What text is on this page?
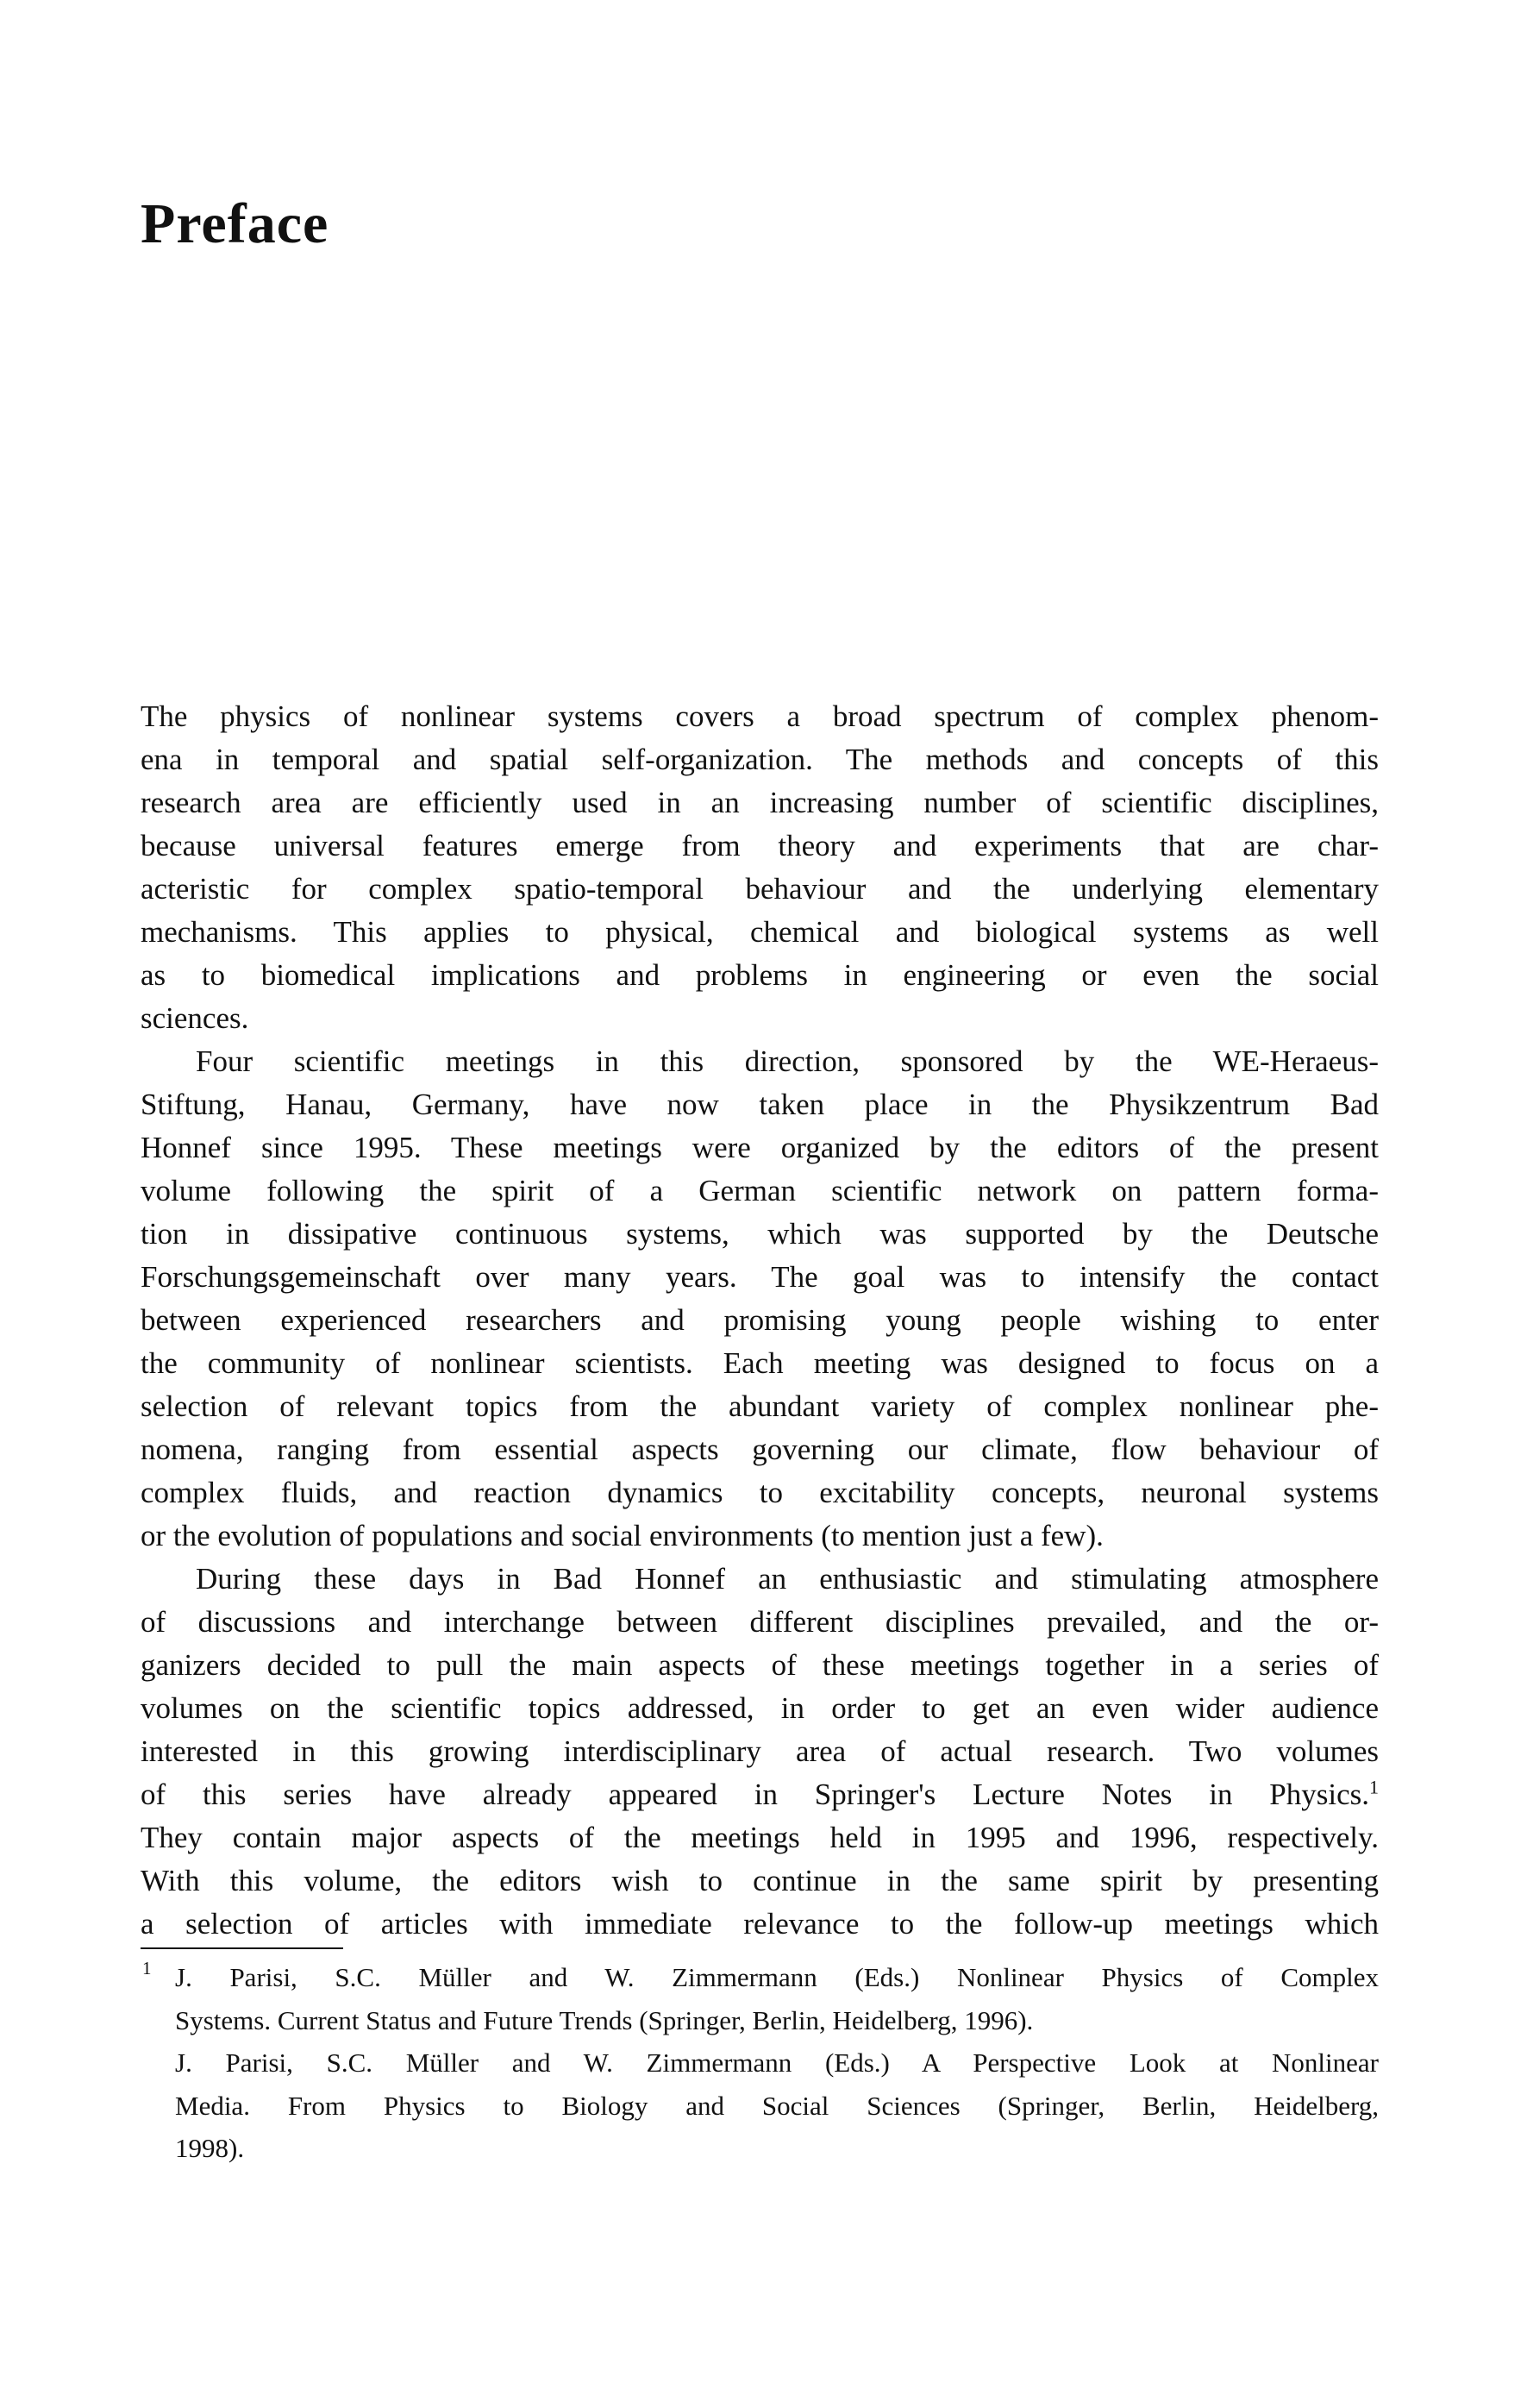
Preface
The physics of nonlinear systems covers a broad spectrum of complex phenom-
ena in temporal and spatial self-organization. The methods and concepts of this
research area are efficiently used in an increasing number of scientific disciplines,
because universal features emerge from theory and experiments that are char-
acteristic for complex spatio-temporal behaviour and the underlying elementary
mechanisms. This applies to physical, chemical and biological systems as well
as to biomedical implications and problems in engineering or even the social
sciences.
Four scientific meetings in this direction, sponsored by the WE-Heraeus-
Stiftung, Hanau, Germany, have now taken place in the Physikzentrum Bad
Honnef since 1995. These meetings were organized by the editors of the present
volume following the spirit of a German scientific network on pattern forma-
tion in dissipative continuous systems, which was supported by the Deutsche
Forschungsgemeinschaft over many years. The goal was to intensify the contact
between experienced researchers and promising young people wishing to enter
the community of nonlinear scientists. Each meeting was designed to focus on a
selection of relevant topics from the abundant variety of complex nonlinear phe-
nomena, ranging from essential aspects governing our climate, flow behaviour of
complex fluids, and reaction dynamics to excitability concepts, neuronal systems
or the evolution of populations and social environments (to mention just a few).
During these days in Bad Honnef an enthusiastic and stimulating atmosphere
of discussions and interchange between different disciplines prevailed, and the or-
ganizers decided to pull the main aspects of these meetings together in a series of
volumes on the scientific topics addressed, in order to get an even wider audience
interested in this growing interdisciplinary area of actual research. Two volumes
of this series have already appeared in Springer's Lecture Notes in Physics.$^1$
They contain major aspects of the meetings held in 1995 and 1996, respectively.
With this volume, the editors wish to continue in the same spirit by presenting
a selection of articles with immediate relevance to the follow-up meetings which
1 J. Parisi, S.C. Müller and W. Zimmermann (Eds.) Nonlinear Physics of Complex
Systems. Current Status and Future Trends (Springer, Berlin, Heidelberg, 1996).
J. Parisi, S.C. Müller and W. Zimmermann (Eds.) A Perspective Look at Nonlinear
Media. From Physics to Biology and Social Sciences (Springer, Berlin, Heidelberg,
1998).
